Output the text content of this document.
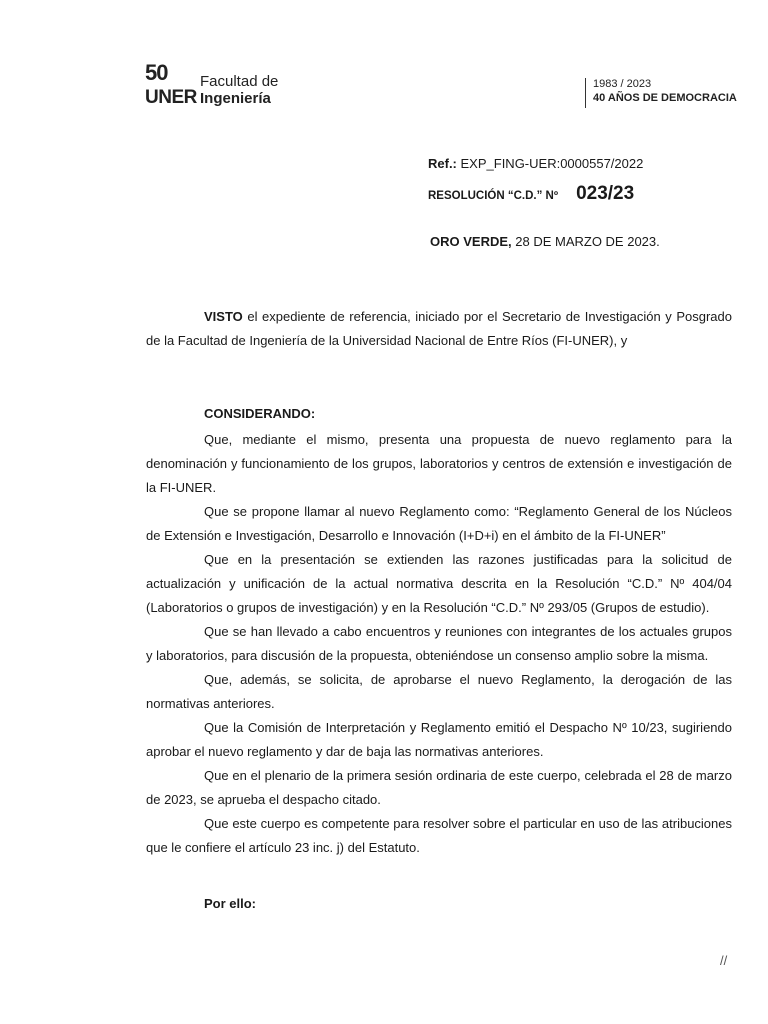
50
UNER
Facultad de
Ingeniería
1983 / 2023
40 AÑOS DE DEMOCRACIA
Ref.: EXP_FING-UER:0000557/2022
RESOLUCIÓN “C.D.” Nº 023/23
ORO VERDE, 28 DE MARZO DE 2023.

VISTO el expediente de referencia, iniciado por el Secretario de Investigación y Posgrado de la Facultad de Ingeniería de la Universidad Nacional de Entre Ríos (FI-UNER), y

CONSIDERANDO:

Que, mediante el mismo, presenta una propuesta de nuevo reglamento para la denominación y funcionamiento de los grupos, laboratorios y centros de extensión e investigación de la FI-UNER.

Que se propone llamar al nuevo Reglamento como: “Reglamento General de los Núcleos de Extensión e Investigación, Desarrollo e Innovación (I+D+i) en el ámbito de la FI-UNER”

Que en la presentación se extienden las razones justificadas para la solicitud de actualización y unificación de la actual normativa descrita en la Resolución “C.D.” Nº 404/04 (Laboratorios o grupos de investigación) y en la Resolución “C.D.” Nº 293/05 (Grupos de estudio).

Que se han llevado a cabo encuentros y reuniones con integrantes de los actuales grupos y laboratorios, para discusión de la propuesta, obteniéndose un consenso amplio sobre la misma.

Que, además, se solicita, de aprobarse el nuevo Reglamento, la derogación de las normativas anteriores.

Que la Comisión de Interpretación y Reglamento emitió el Despacho Nº 10/23, sugiriendo aprobar el nuevo reglamento y dar de baja las normativas anteriores.

Que en el plenario de la primera sesión ordinaria de este cuerpo, celebrada el 28 de marzo de 2023, se aprueba el despacho citado.

Que este cuerpo es competente para resolver sobre el particular en uso de las atribuciones que le confiere el artículo 23 inc. j) del Estatuto.

Por ello:
//
